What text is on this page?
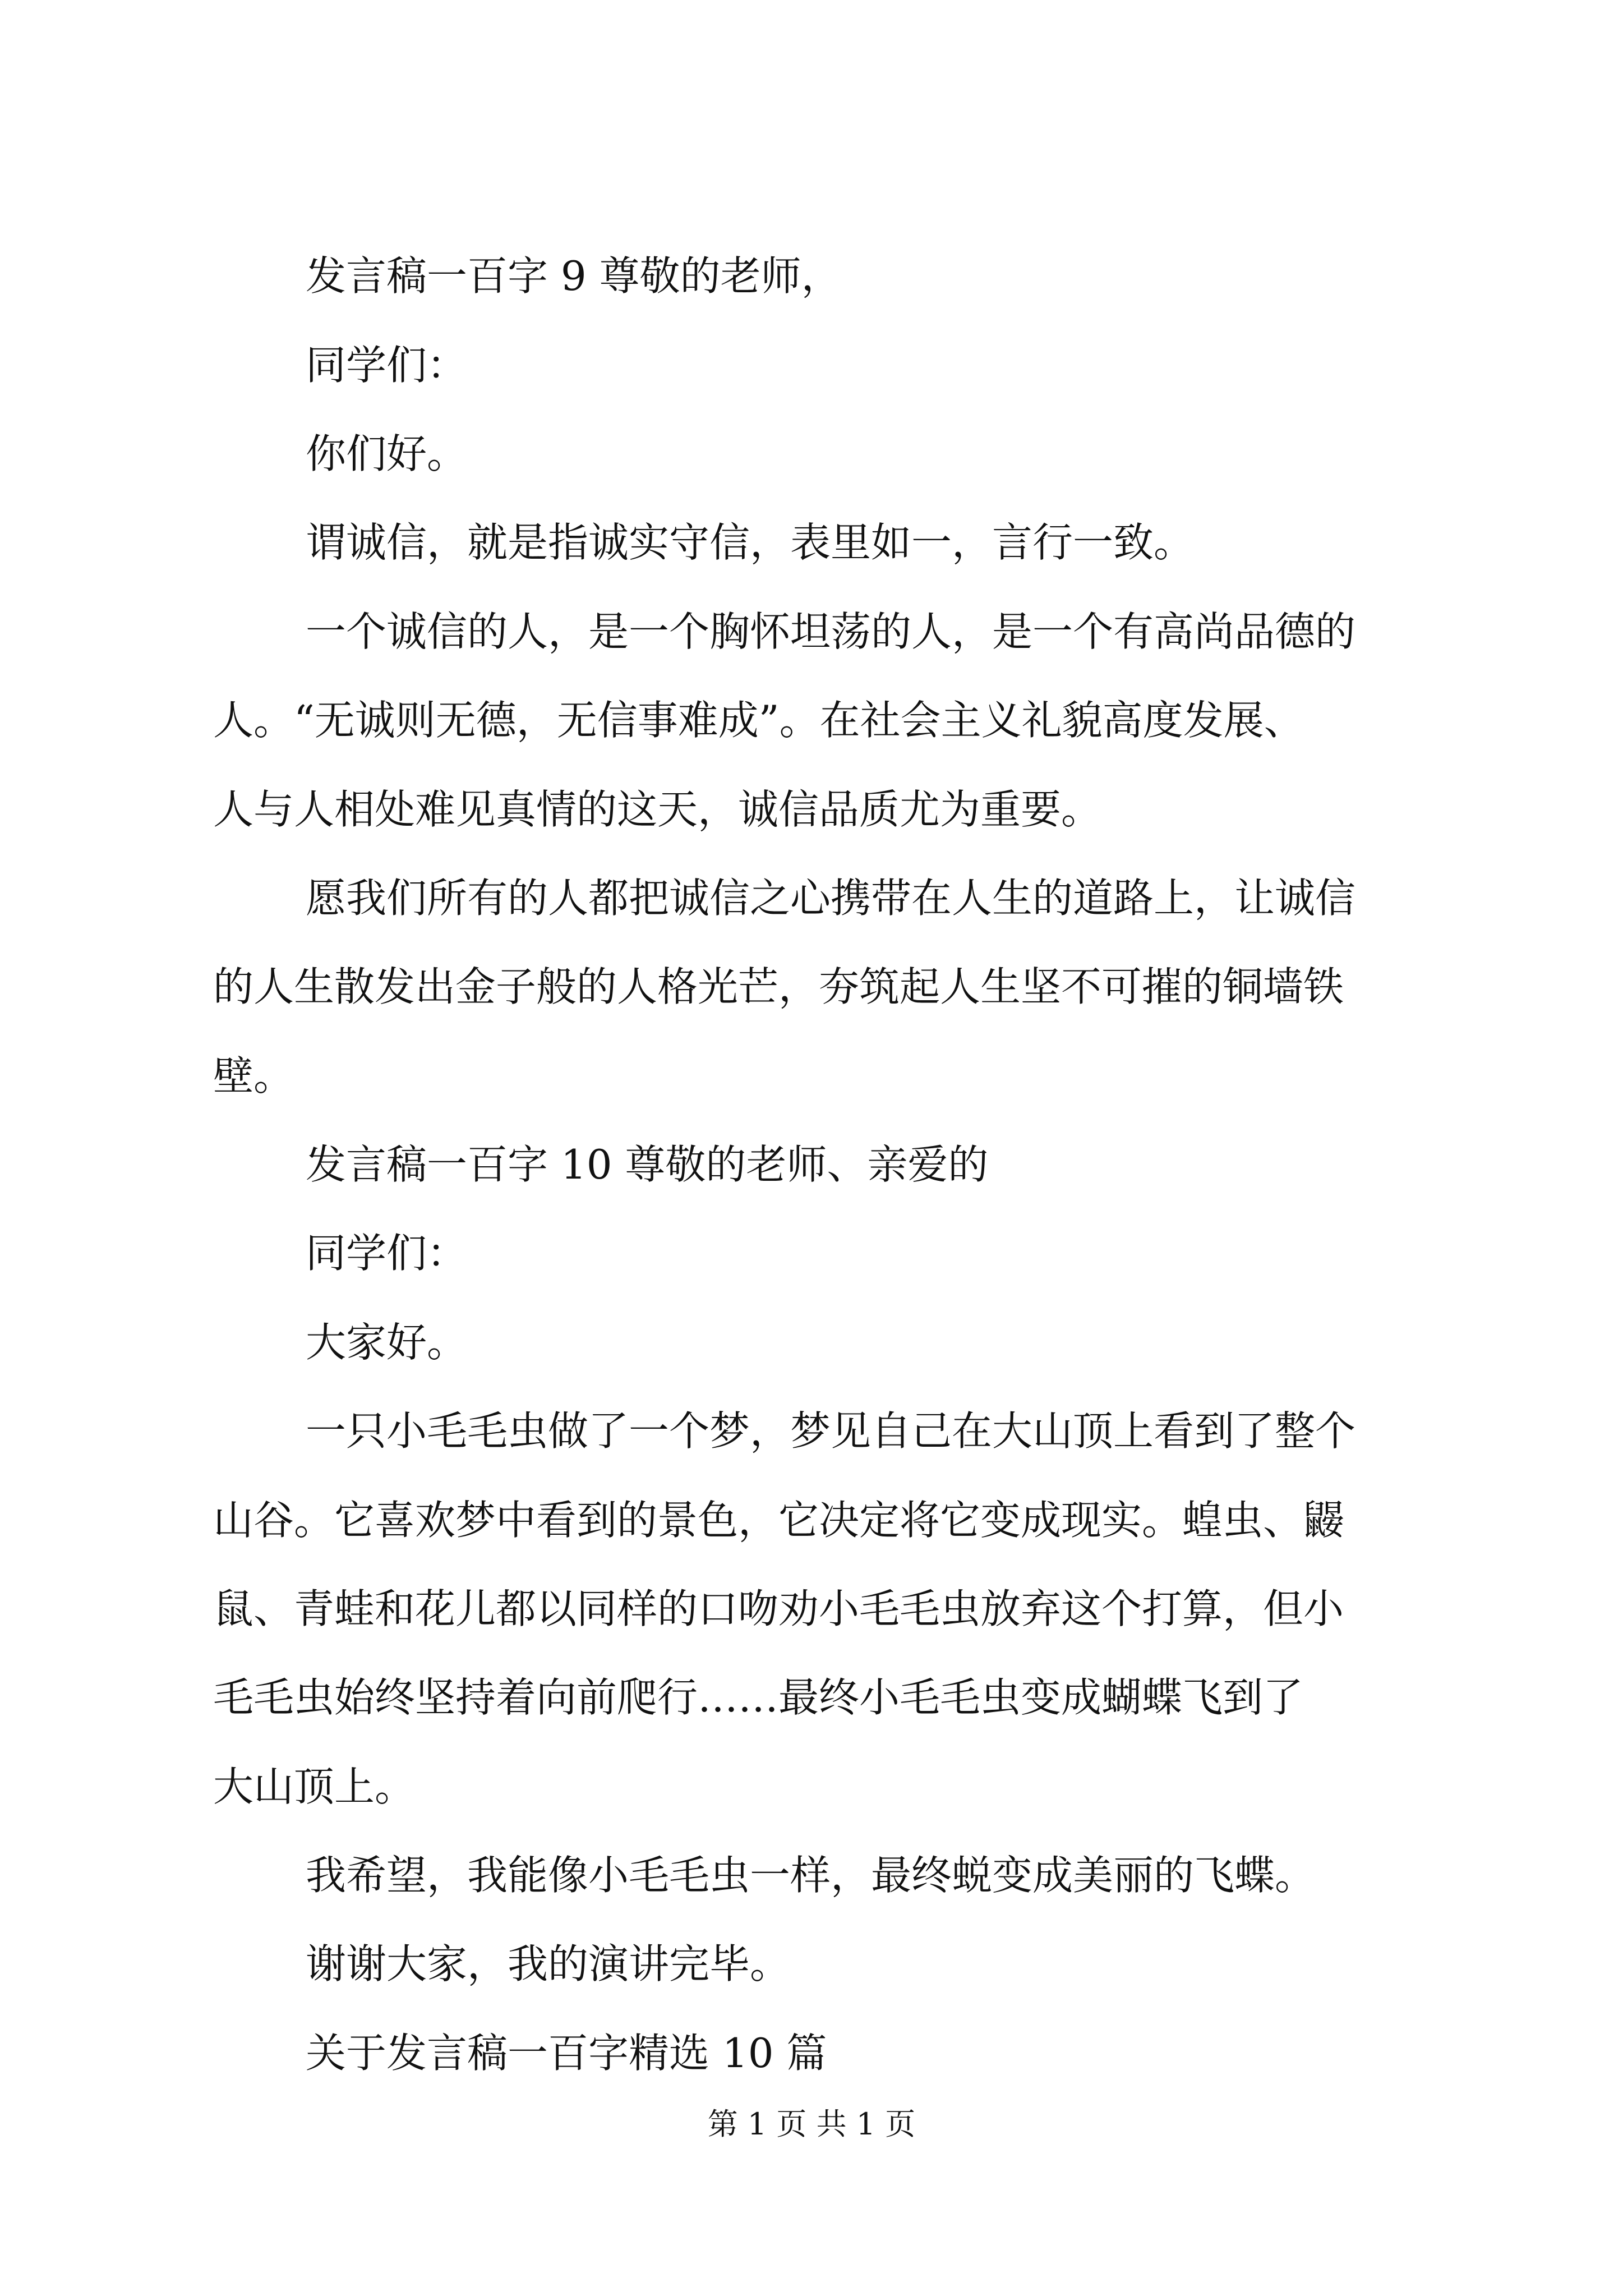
发言稿一百字 9 尊敬的老师，
同学们：
你们好。
谓诚信，就是指诚实守信，表里如一，言行一致。
一个诚信的人，是一个胸怀坦荡的人，是一个有高尚品德的
人。“无诚则无德，无信事难成”。在社会主义礼貌高度发展、
人与人相处难见真情的这天，诚信品质尤为重要。
愿我们所有的人都把诚信之心携带在人生的道路上，让诚信
的人生散发出金子般的人格光芒，夯筑起人生坚不可摧的铜墙铁
壁。
发言稿一百字 10 尊敬的老师、亲爱的
同学们：
大家好。
一只小毛毛虫做了一个梦，梦见自己在大山顶上看到了整个
山谷。它喜欢梦中看到的景色，它决定将它变成现实。蝗虫、鼹
鼠、青蛙和花儿都以同样的口吻劝小毛毛虫放弃这个打算，但小
毛毛虫始终坚持着向前爬行……最终小毛毛虫变成蝴蝶飞到了
大山顶上。
我希望，我能像小毛毛虫一样，最终蜕变成美丽的飞蝶。
谢谢大家，我的演讲完毕。
关于发言稿一百字精选 10 篇
第 1 页 共 1 页
